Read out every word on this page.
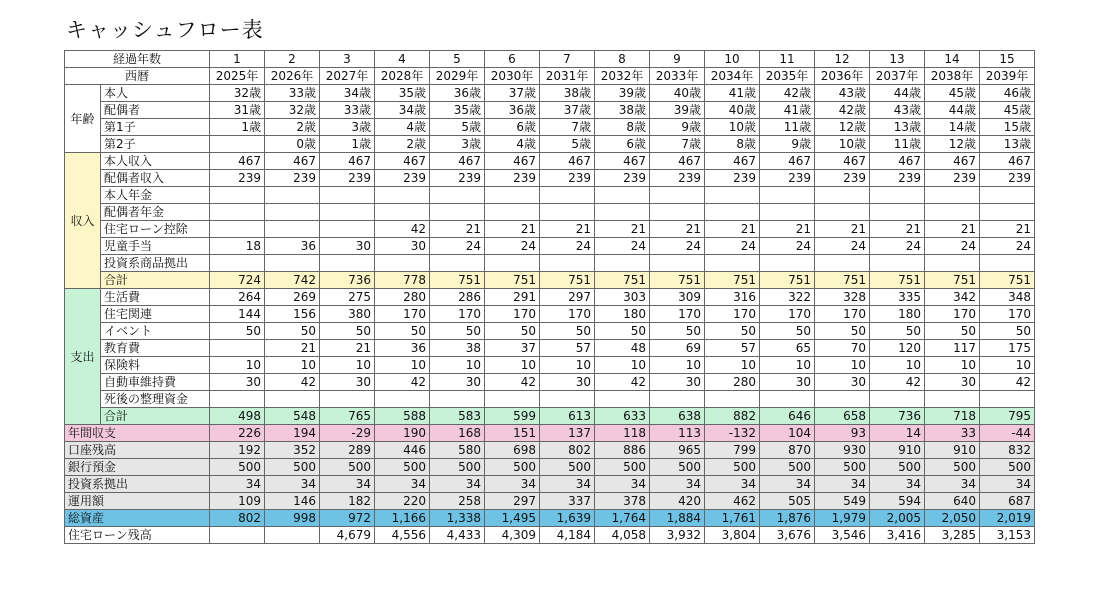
キャッシュフロー表
経過年数		1	2	3	4	5	6	7	8	9	10	11	12	13	14	15
西暦		2025年	2026年	2027年	2028年	2029年	2030年	2031年	2032年	2033年	2034年	2035年	2036年	2037年	2038年	2039年
年齢	本人	32歳	33歳	34歳	35歳	36歳	37歳	38歳	39歳	40歳	41歳	42歳	43歳	44歳	45歳	46歳
	配偶者	31歳	32歳	33歳	34歳	35歳	36歳	37歳	38歳	39歳	40歳	41歳	42歳	43歳	44歳	45歳
	第1子	1歳	2歳	3歳	4歳	5歳	6歳	7歳	8歳	9歳	10歳	11歳	12歳	13歳	14歳	15歳
	第2子		0歳	1歳	2歳	3歳	4歳	5歳	6歳	7歳	8歳	9歳	10歳	11歳	12歳	13歳
収入	本人収入	467	467	467	467	467	467	467	467	467	467	467	467	467	467	467
	配偶者収入	239	239	239	239	239	239	239	239	239	239	239	239	239	239	239
	本人年金															
	配偶者年金															
	住宅ローン控除				42	21	21	21	21	21	21	21	21	21	21	21
	児童手当	18	36	30	30	24	24	24	24	24	24	24	24	24	24	24
	投資系商品拠出															
	合計	724	742	736	778	751	751	751	751	751	751	751	751	751	751	751
支出	生活費	264	269	275	280	286	291	297	303	309	316	322	328	335	342	348
	住宅関連	144	156	380	170	170	170	170	180	170	170	170	170	180	170	170
	イベント	50	50	50	50	50	50	50	50	50	50	50	50	50	50	50
	教育費		21	21	36	38	37	57	48	69	57	65	70	120	117	175
	保険料	10	10	10	10	10	10	10	10	10	10	10	10	10	10	10
	自動車維持費	30	42	30	42	30	42	30	42	30	280	30	30	42	30	42
	死後の整理資金															
	合計	498	548	765	588	583	599	613	633	638	882	646	658	736	718	795
年間収支		226	194	-29	190	168	151	137	118	113	-132	104	93	14	33	-44
口座残高		192	352	289	446	580	698	802	886	965	799	870	930	910	910	832
銀行預金		500	500	500	500	500	500	500	500	500	500	500	500	500	500	500
投資系拠出		34	34	34	34	34	34	34	34	34	34	34	34	34	34	34
運用額		109	146	182	220	258	297	337	378	420	462	505	549	594	640	687
総資産		802	998	972	1,166	1,338	1,495	1,639	1,764	1,884	1,761	1,876	1,979	2,005	2,050	2,019
住宅ローン残高				4,679	4,556	4,433	4,309	4,184	4,058	3,932	3,804	3,676	3,546	3,416	3,285	3,153
